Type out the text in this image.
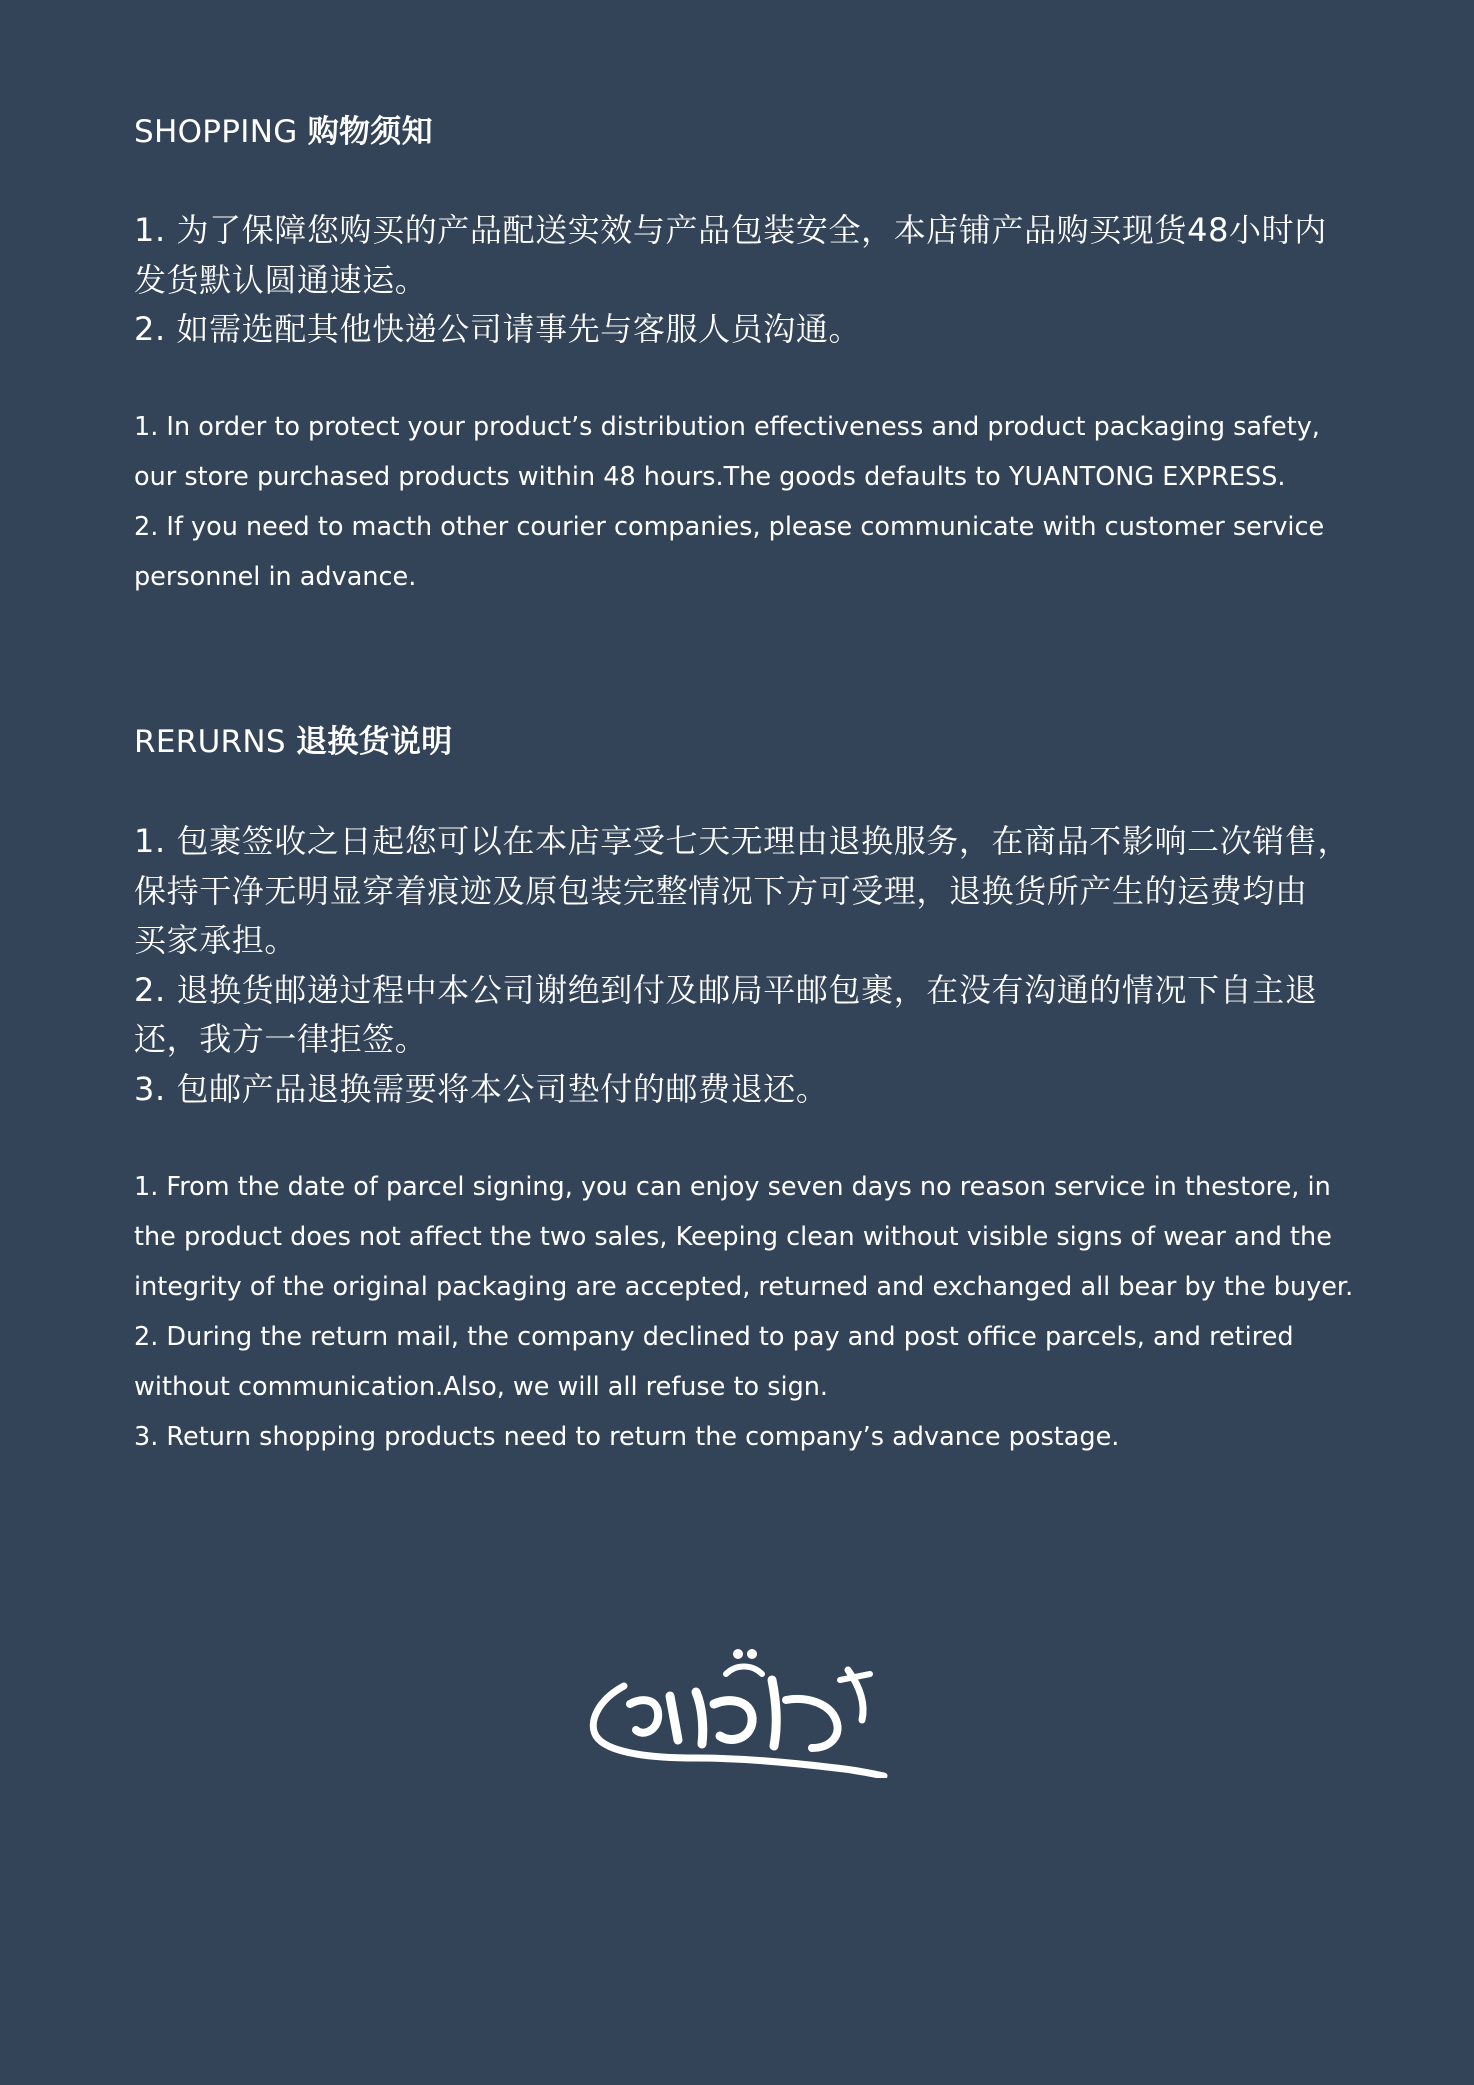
SHOPPING 购物须知
1. 为了保障您购买的产品配送实效与产品包装安全，本店铺产品购买现货48小时内
发货默认圆通速运。
2. 如需选配其他快递公司请事先与客服人员沟通。
1. In order to protect your product’s distribution effectiveness and product packaging safety,
our store purchased products within 48 hours.The goods defaults to YUANTONG EXPRESS.
2. If you need to macth other courier companies, please communicate with customer service
personnel in advance.
RERURNS 退换货说明
1. 包裹签收之日起您可以在本店享受七天无理由退换服务，在商品不影响二次销售，
保持干净无明显穿着痕迹及原包装完整情况下方可受理，退换货所产生的运费均由
买家承担。
2. 退换货邮递过程中本公司谢绝到付及邮局平邮包裹，在没有沟通的情况下自主退
还，我方一律拒签。
3. 包邮产品退换需要将本公司垫付的邮费退还。
1. From the date of parcel signing, you can enjoy seven days no reason service in thestore, in
the product does not affect the two sales, Keeping clean without visible signs of wear and the
integrity of the original packaging are accepted, returned and exchanged all bear by the buyer.
2. During the return mail, the company declined to pay and post office parcels, and retired
without communication.Also, we will all refuse to sign.
3. Return shopping products need to return the company’s advance postage.
